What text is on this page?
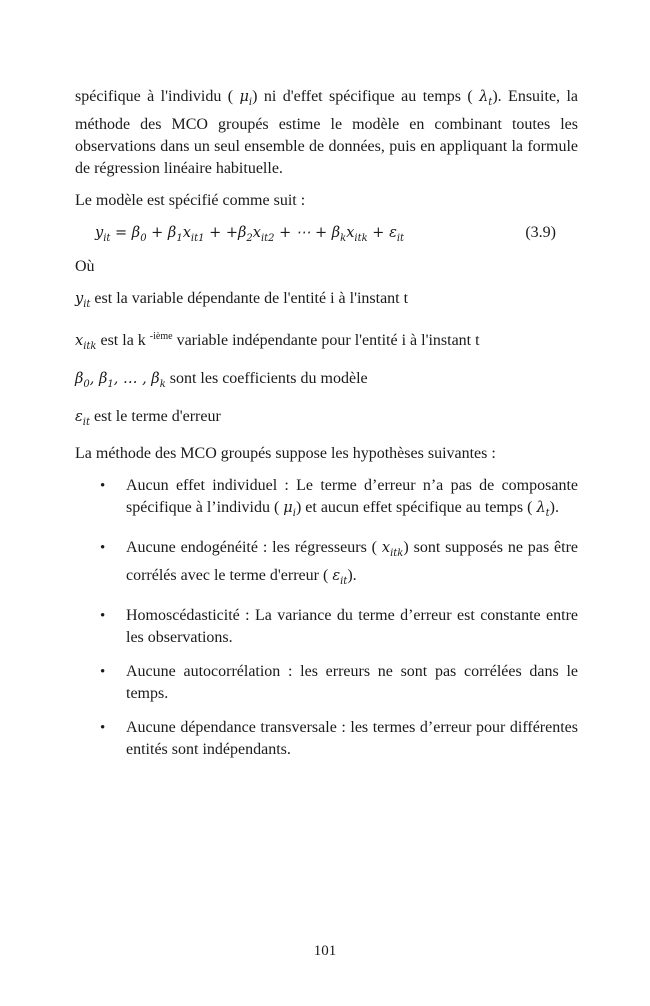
spécifique à l'individu ( $\mu_i$) ni d'effet spécifique au temps ( $\lambda_t$). Ensuite, la méthode des MCO groupés estime le modèle en combinant toutes les observations dans un seul ensemble de données, puis en appliquant la formule de régression linéaire habituelle.

Le modèle est spécifié comme suit :

$y_{it} = \beta_0 + \beta_1x_{it1} + +\beta_2x_{it2}$ + ⋯ + $\beta_kx_{itk} + \varepsilon_{it}$	(3.9)

Où

$y_{it}$ est la variable dépendante de l'entité i à l'instant t

$x_{itk}$ est la k $^{-ième}$ variable indépendante pour l'entité i à l'instant t

$\beta_0$, $\beta_1$, … , $\beta_k$ sont les coefficients du modèle

$\varepsilon_{it}$ est le terme d'erreur

La méthode des MCO groupés suppose les hypothèses suivantes :

• Aucun effet individuel : Le terme d’erreur n’a pas de composante spécifique à l’individu ( $\mu_i$) et aucun effet spécifique au temps ( $\lambda_t$).
• Aucune endogénéité : les régresseurs ( $x_{itk}$) sont supposés ne pas être corrélés avec le terme d'erreur ( $\varepsilon_{it}$).
• Homoscédasticité : La variance du terme d’erreur est constante entre les observations.
• Aucune autocorrélation : les erreurs ne sont pas corrélées dans le temps.
• Aucune dépendance transversale : les termes d’erreur pour différentes entités sont indépendants.
101
